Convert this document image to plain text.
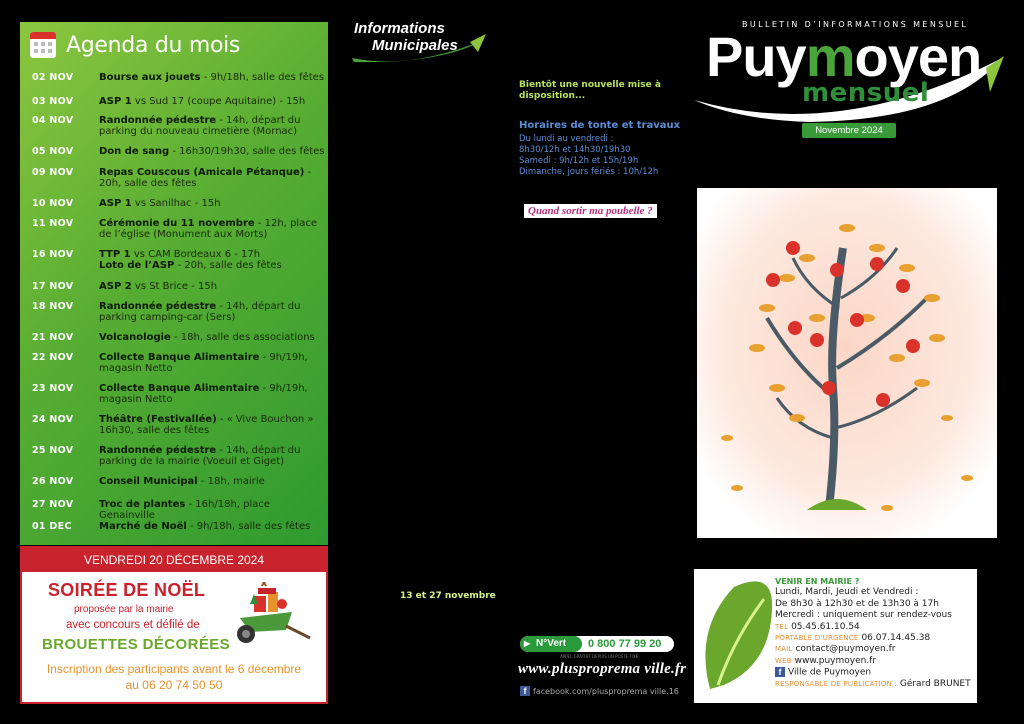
Agenda du mois
02 NOV	Bourse aux jouets - 9h/18h, salle des fêtes
03 NOV	ASP 1 vs Sud 17 (coupe Aquitaine) - 15h
04 NOV	Randonnée pédestre - 14h, départ du parking du nouveau cimetière (Mornac)
05 NOV	Don de sang - 16h30/19h30, salle des fêtes
09 NOV	Repas Couscous (Amicale Pétanque) - 20h, salle des fêtes
10 NOV	ASP 1 vs Sanilhac - 15h
11 NOV	Cérémonie du 11 novembre - 12h, place de l’église (Monument aux Morts)
16 NOV	TTP 1 vs CAM Bordeaux 6 - 17h
Loto de l’ASP - 20h, salle des fêtes
17 NOV	ASP 2 vs St Brice - 15h
18 NOV	Randonnée pédestre - 14h, départ du parking camping-car (Sers)
21 NOV	Volcanologie - 18h, salle des associations
22 NOV	Collecte Banque Alimentaire - 9h/19h, magasin Netto
23 NOV	Collecte Banque Alimentaire - 9h/19h, magasin Netto
24 NOV	Théâtre (Festivallée) - « Vive Bouchon » 16h30, salle des fêtes
25 NOV	Randonnée pédestre - 14h, départ du parking de la mairie (Voeuil et Giget)
26 NOV	Conseil Municipal - 18h, mairie
27 NOV	Troc de plantes - 16h/18h, place Genainville
01 DEC	Marché de Noël - 9h/18h, salle des fêtes
VENDREDI 20 DÉCEMBRE 2024
SOIRÉE DE NOËL
proposée par la mairie
avec concours et défilé de
BROUETTES DÉCORÉES
Inscription des participants avant le 6 décembre
au 06 20 74 50 50
Informations
Municipales
Bientôt une nouvelle mise à disposition...
Horaires de tonte et travaux
Du lundi au vendredi :
8h30/12h et 14h30/19h30
Samedi : 9h/12h et 15h/19h
Dimanche, jours fériés : 10h/12h
Quand sortir ma poubelle ?
13 et 27 novembre
▶ N°Vert	0 800 77 99 20
APPEL GRATUIT DEPUIS UN POSTE FIXE
www.plusproprema ville.fr
f facebook.com/plusproprema ville.16
BULLETIN D’INFORMATIONS MENSUEL
Puymoyen
mensuel
Novembre 2024
VENIR EN MAIRIE ?
Lundi, Mardi, Jeudi et Vendredi :
De 8h30 à 12h30 et de 13h30 à 17h
Mercredi : uniquement sur rendez-vous
TÉL 05.45.61.10.54
PORTABLE D’URGENCE 06.07.14.45.38
MAIL contact@puymoyen.fr
WEB www.puymoyen.fr
f Ville de Puymoyen
RESPONSABLE DE PUBLICATION : Gérard BRUNET
